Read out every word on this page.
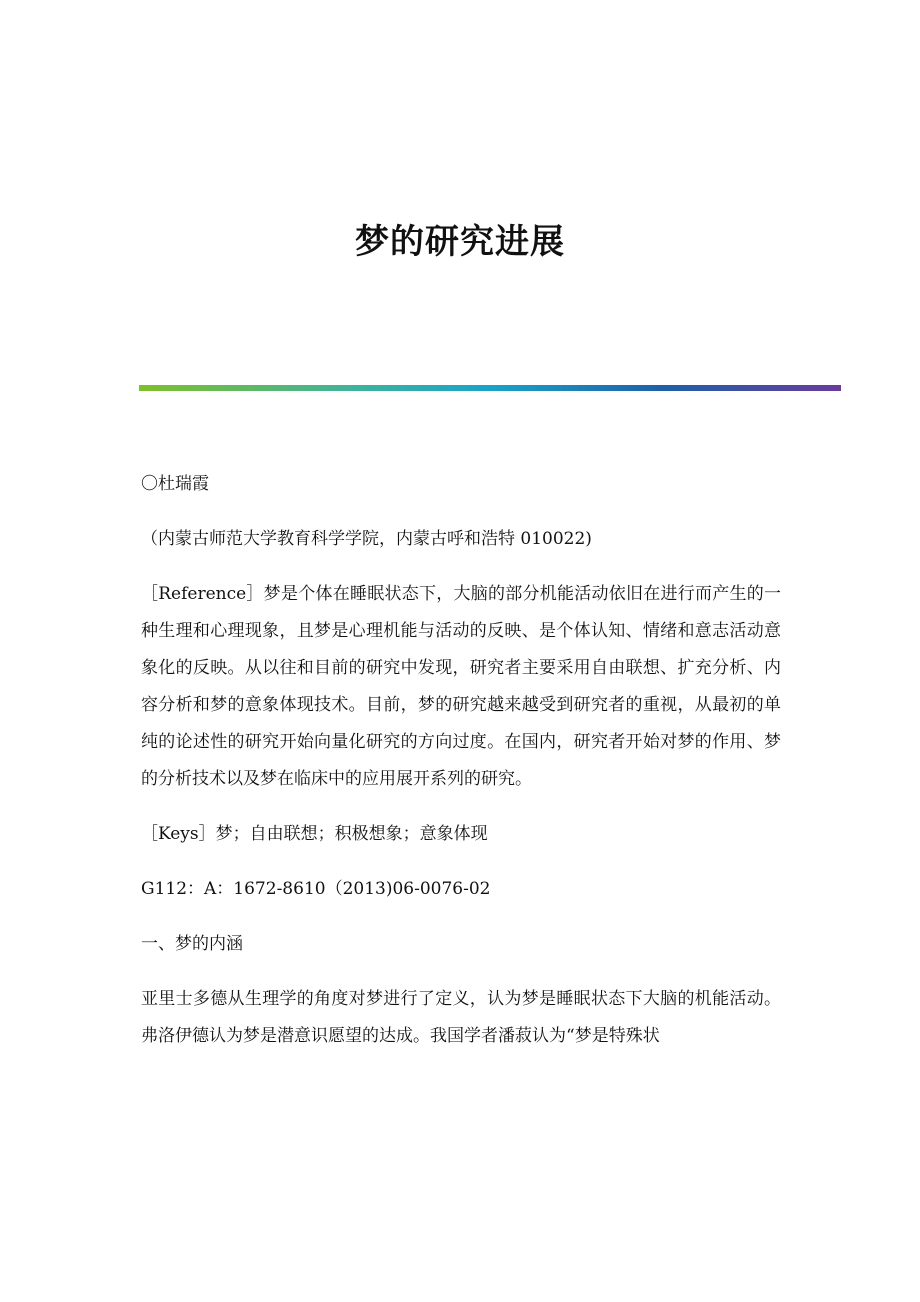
梦的研究进展

〇杜瑞霞

（内蒙古师范大学教育科学学院，内蒙古呼和浩特 010022)

［Reference］梦是个体在睡眠状态下，大脑的部分机能活动依旧在进行而产生的一种生理和心理现象，且梦是心理机能与活动的反映、是个体认知、情绪和意志活动意象化的反映。从以往和目前的研究中发现，研究者主要采用自由联想、扩充分析、内容分析和梦的意象体现技术。目前，梦的研究越来越受到研究者的重视，从最初的单纯的论述性的研究开始向量化研究的方向过度。在国内，研究者开始对梦的作用、梦的分析技术以及梦在临床中的应用展开系列的研究。

［Keys］梦；自由联想；积极想象；意象体现

G112：A：1672-8610（2013)06-0076-02

一、梦的内涵

亚里士多德从生理学的角度对梦进行了定义，认为梦是睡眠状态下大脑的机能活动。弗洛伊德认为梦是潜意识愿望的达成。我国学者潘菽认为“梦是特殊状
